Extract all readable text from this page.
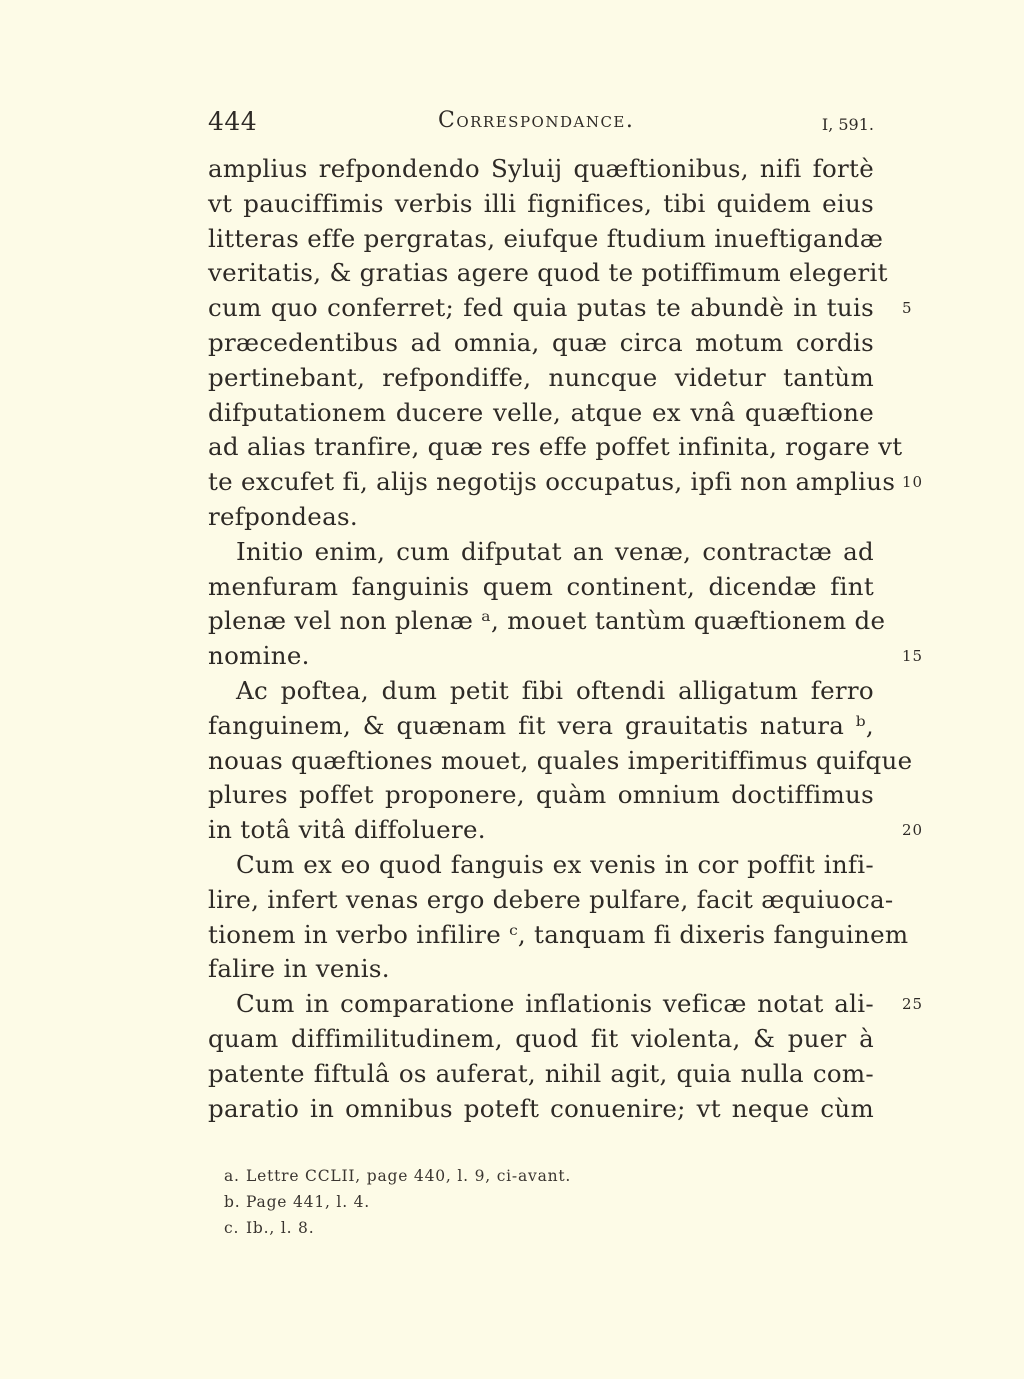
444	Correspondance.	I, 591.
amplius refpondendo Syluij quæftionibus, nifi fortè
vt pauciffimis verbis illi fignifices, tibi quidem eius
litteras effe pergratas, eiufque ftudium inueftigandæ
veritatis, & gratias agere quod te potiffimum elegerit
cum quo conferret; fed quia putas te abundè in tuis 5
præcedentibus ad omnia, quæ circa motum cordis
pertinebant, refpondiffe, nuncque videtur tantùm
difputationem ducere velle, atque ex vnâ quæftione
ad alias tranfire, quæ res effe poffet infinita, rogare vt
te excufet fi, alijs negotijs occupatus, ipfi non amplius 10
refpondeas.
Initio enim, cum difputat an venæ, contractæ ad
menfuram fanguinis quem continent, dicendæ fint
plenæ vel non plenæ ᵃ, mouet tantùm quæftionem de
nomine.	15
Ac poftea, dum petit fibi oftendi alligatum ferro
fanguinem, & quænam fit vera grauitatis natura ᵇ,
nouas quæftiones mouet, quales imperitiffimus quifque
plures poffet proponere, quàm omnium doctiffimus
in totâ vitâ diffoluere.	20
Cum ex eo quod fanguis ex venis in cor poffit infi-
lire, infert venas ergo debere pulfare, facit æquiuoca-
tionem in verbo infilire ᶜ, tanquam fi dixeris fanguinem
falire in venis.
Cum in comparatione inflationis veficæ notat ali- 25
quam diffimilitudinem, quod fit violenta, & puer à
patente fiftulâ os auferat, nihil agit, quia nulla com-
paratio in omnibus poteft conuenire; vt neque cùm
a. Lettre CCLII, page 440, l. 9, ci-avant.
b. Page 441, l. 4.
c. Ib., l. 8.
